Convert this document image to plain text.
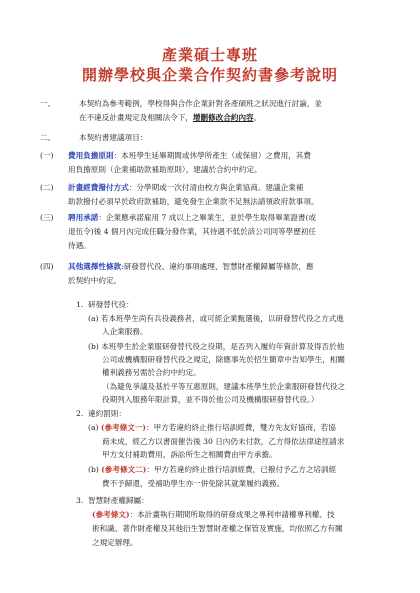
產業碩士專班
開辦學校與企業合作契約書參考說明
一、	本契約為參考範例，學校得與合作企業針對各產碩班之狀況進行討論，並
在不違反計畫規定及相關法令下，增刪修改合約內容。
二、	本契約書建議項目：
(一) 費用負擔原則：本班學生延畢期間或休學所產生（或保留）之費用，其費
用負擔原則（企業補助款補助原則），建議於合約中約定。
(二) 計畫經費撥付方式：分學期或一次付清由校方與企業協商。建議企業補
助款撥付必須早於政府款補助，避免發生企業款不足無法請領政府款事項。
(三) 聘用承諾：企業應承諾雇用 7 成以上之畢業生，並於學生取得畢業證書(或
退伍令)後 4 個月內完成任職分發作業，其待遇不低於該公司同等學歷初任
待遇。
(四) 其他選擇性條款:研發替代役、違約事項處理、智慧財產權歸屬等條款，應
於契約中約定。
1. 研發替代役：
(a) 若本班學生尚有兵役義務者，或可經企業甄選後，以研發替代役之方式進
入企業服務。
(b) 本班學生於企業服研發替代役之役期，是否列入履約年資計算及得否於他
公司或機構服研發替代役之規定，除應事先於招生簡章中告知學生，相關
權利義務另需於合約中約定。
（為避免爭議及基於平等互惠原則，建議本班學生於企業服研發替代役之
役期列入服務年限計算，並不得於他公司及機構服研發替代役。）
2. 違約罰則：
(a) (參考條文一)：甲方若違約終止推行培訓經費，雙方先友好協商，若協
商未成，經乙方以書面催告後 30 日內仍未付款，乙方得依法律途徑請求
甲方支付補助費用，訴訟所生之相關費由甲方承擔。
(b) (參考條文二)：甲方若違約終止推行培訓經費，已撥付予乙方之培訓經
費不予歸還，受補助學生亦一併免除其就業履約義務。
3. 智慧財產權歸屬：
(參考條文)：本計畫執行期間所取得的研發成果之專利申請權專利權、技
術和識、著作財產權及其他衍生智慧財產權之保管及實施，均依照乙方有關
之規定辦理。
